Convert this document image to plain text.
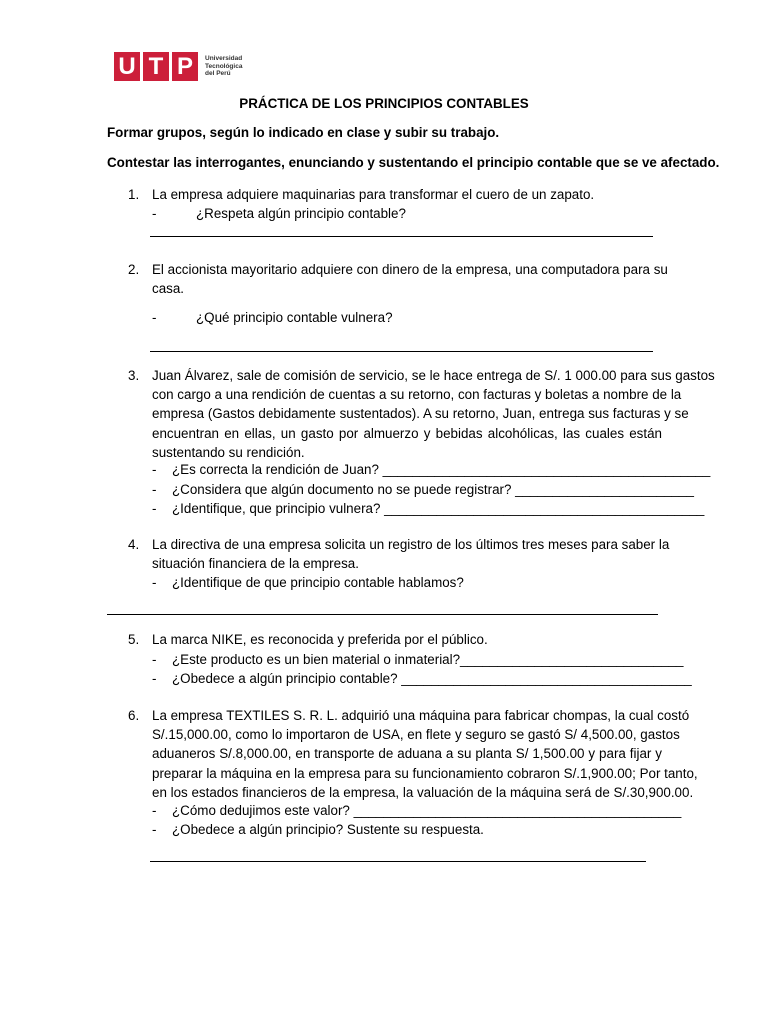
U T P	Universidad
Tecnológica
del Perú
PRÁCTICA DE LOS PRINCIPIOS CONTABLES
Formar grupos, según lo indicado en clase y subir su trabajo.
Contestar las interrogantes, enunciando y sustentando el principio contable que se ve afectado.
1. La empresa adquiere maquinarias para transformar el cuero de un zapato.
-	¿Respeta algún principio contable?
2. El accionista mayoritario adquiere con dinero de la empresa, una computadora para su
casa.
-	¿Qué principio contable vulnera?
3. Juan Álvarez, sale de comisión de servicio, se le hace entrega de S/. 1 000.00 para sus gastos
con cargo a una rendición de cuentas a su retorno, con facturas y boletas a nombre de la
empresa (Gastos debidamente sustentados). A su retorno, Juan, entrega sus facturas y se
encuentran en ellas, un gasto por almuerzo y bebidas alcohólicas, las cuales están
sustentando su rendición.
- ¿Es correcta la rendición de Juan? ____________________________________________
- ¿Considera que algún documento no se puede registrar? ________________________
- ¿Identifique, que principio vulnera? ___________________________________________
4. La directiva de una empresa solicita un registro de los últimos tres meses para saber la
situación financiera de la empresa.
- ¿Identifique de que principio contable hablamos?
5. La marca NIKE, es reconocida y preferida por el público.
- ¿Este producto es un bien material o inmaterial?______________________________
- ¿Obedece a algún principio contable? _______________________________________
6. La empresa TEXTILES S. R. L. adquirió una máquina para fabricar chompas, la cual costó
S/.15,000.00, como lo importaron de USA, en flete y seguro se gastó S/ 4,500.00, gastos
aduaneros S/.8,000.00, en transporte de aduana a su planta S/ 1,500.00 y para fijar y
preparar la máquina en la empresa para su funcionamiento cobraron S/.1,900.00; Por tanto,
en los estados financieros de la empresa, la valuación de la máquina será de S/.30,900.00.
- ¿Cómo dedujimos este valor? ____________________________________________
- ¿Obedece a algún principio? Sustente su respuesta.
